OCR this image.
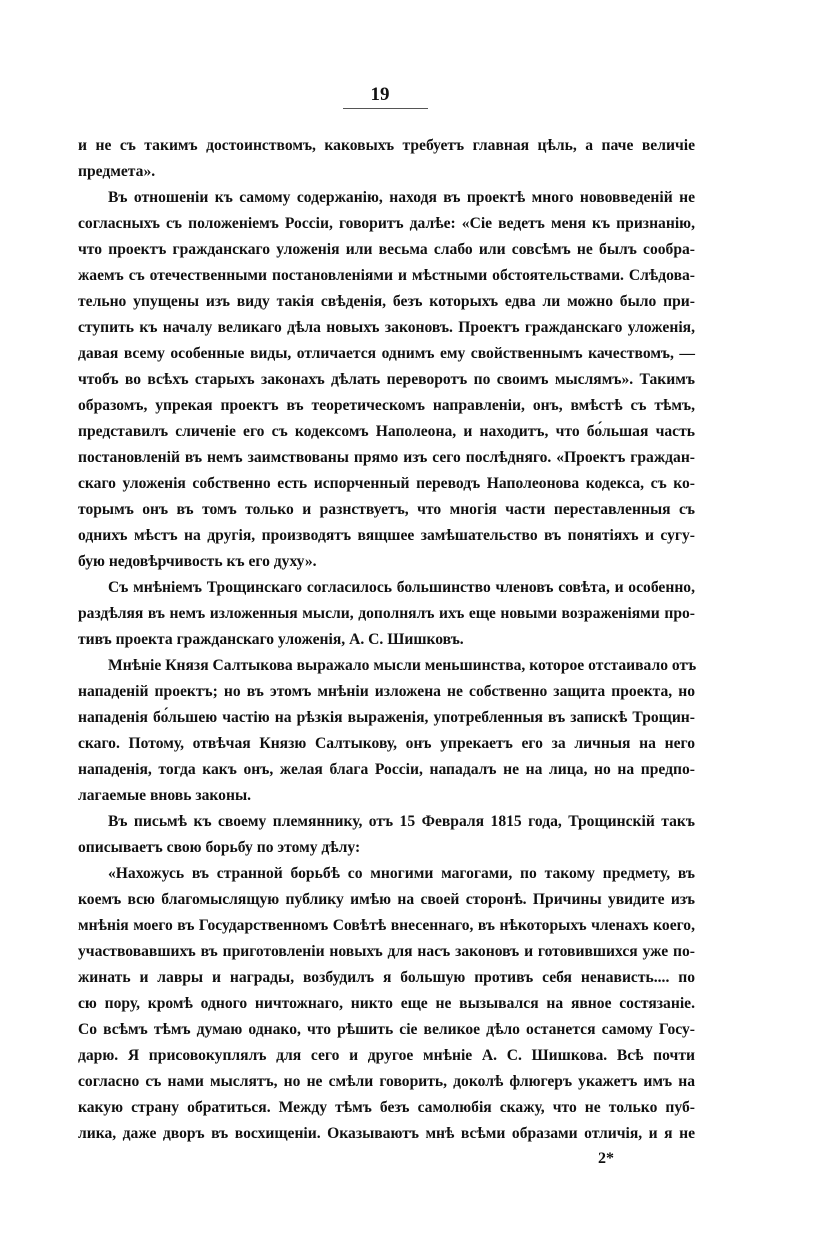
19
и не съ такимъ достоинствомъ, каковыхъ требуетъ главная цѣль, а паче величіе
предмета».
Въ отношеніи къ самому содержанію, находя въ проектѣ много нововведеній не
согласныхъ съ положеніемъ Россіи, говоритъ далѣе: «Сіе ведетъ меня къ признанію,
что проектъ гражданскаго уложенія или весьма слабо или совсѣмъ не былъ сообра-
жаемъ съ отечественными постановленіями и мѣстными обстоятельствами. Слѣдова-
тельно упущены изъ виду такія свѣденія, безъ которыхъ едва ли можно было при-
ступить къ началу великаго дѣла новыхъ законовъ. Проектъ гражданскаго уложенія,
давая всему особенные виды, отличается однимъ ему свойственнымъ качествомъ, —
чтобъ во всѣхъ старыхъ законахъ дѣлать переворотъ по своимъ мыслямъ». Такимъ
образомъ, упрекая проектъ въ теоретическомъ направленіи, онъ, вмѣстѣ съ тѣмъ,
представилъ сличеніе его съ кодексомъ Наполеона, и находитъ, что бо́льшая часть
постановленій въ немъ заимствованы прямо изъ сего послѣдняго. «Проектъ граждан-
скаго уложенія собственно есть испорченный переводъ Наполеонова кодекса, съ ко-
торымъ онъ въ томъ только и разнствуетъ, что многія части переставленныя съ
однихъ мѣстъ на другія, производятъ вящшее замѣшательство въ понятіяхъ и сугу-
бую недовѣрчивость къ его духу».
Съ мнѣніемъ Трощинскаго согласилось большинство членовъ совѣта, и особенно,
раздѣляя въ немъ изложенныя мысли, дополнялъ ихъ еще новыми возраженіями про-
тивъ проекта гражданскаго уложенія, А. С. Шишковъ.
Мнѣніе Князя Салтыкова выражало мысли меньшинства, которое отстаивало отъ
нападеній проектъ; но въ этомъ мнѣніи изложена не собственно защита проекта, но
нападенія бо́льшею частію на рѣзкія выраженія, употребленныя въ запискѣ Трощин-
скаго. Потому, отвѣчая Князю Салтыкову, онъ упрекаетъ его за личныя на него
нападенія, тогда какъ онъ, желая блага Россіи, нападалъ не на лица, но на предпо-
лагаемые вновь законы.
Въ письмѣ къ своему племяннику, отъ 15 Февраля 1815 года, Трощинскій такъ
описываетъ свою борьбу по этому дѣлу:
«Нахожусь въ странной борьбѣ со многими магогами, по такому предмету, въ
коемъ всю благомыслящую публику имѣю на своей сторонѣ. Причины увидите изъ
мнѣнія моего въ Государственномъ Совѣтѣ внесеннаго, въ нѣкоторыхъ членахъ коего,
участвовавшихъ въ приготовленіи новыхъ для насъ законовъ и готовившихся уже по-
жинать и лавры и награды, возбудилъ я большую противъ себя ненависть.... по
сю пору, кромѣ одного ничтожнаго, никто еще не вызывался на явное состязаніе.
Со всѣмъ тѣмъ думаю однако, что рѣшить сіе великое дѣло останется самому Госу-
дарю. Я присовокуплялъ для сего и другое мнѣніе А. С. Шишкова. Всѣ почти
согласно съ нами мыслятъ, но не смѣли говорить, доколѣ флюгеръ укажетъ имъ на
какую страну обратиться. Между тѣмъ безъ самолюбія скажу, что не только пуб-
лика, даже дворъ въ восхищеніи. Оказываютъ мнѣ всѣми образами отличія, и я не
2*
